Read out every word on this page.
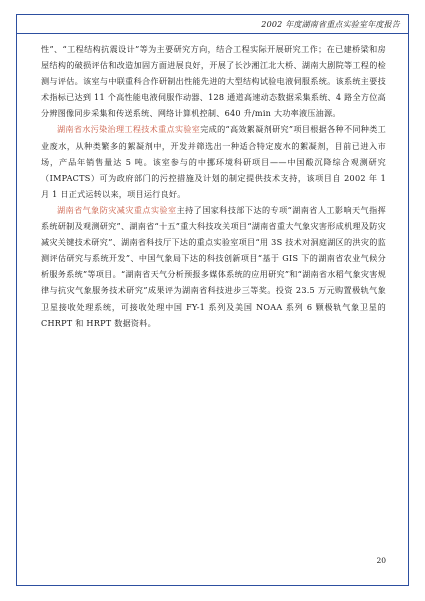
2002 年度湖南省重点实验室年度报告

性”、“工程结构抗震设计”等为主要研究方向，结合工程实际开展研究工作；在已建桥梁和房屋结构的破损评估和改造加固方面进展良好，开展了长沙湘江北大桥、湖南大剧院等工程的检测与评估。该室与中联重科合作研制出性能先进的大型结构试验电液伺服系统。该系统主要技术指标已达到 11 个高性能电液伺服作动器、128 通道高速动态数据采集系统、4 路全方位高分辨图像同步采集和传送系统、网络计算机控制、640 升/min 大功率液压油源。

湖南省水污染治理工程技术重点实验室完成的“高效絮凝剂研究”项目根据各种不同种类工业废水，从种类繁多的絮凝剂中，开发并筛选出一种适合特定废水的絮凝剂，目前已进入市场，产品年销售量达 5 吨。该室参与的中挪环境科研项目——中国酸沉降综合观测研究（IMPACTS）可为政府部门的污控措施及计划的制定提供技术支持，该项目自 2002 年 1 月 1 日正式运转以来，项目运行良好。

湖南省气象防灾减灾重点实验室主持了国家科技部下达的专项“湖南省人工影响天气指挥系统研制及观测研究”、湖南省“十五”重大科技攻关项目“湖南省重大气象灾害形成机理及防灾减灾关键技术研究”、湖南省科技厅下达的重点实验室项目“用 3S 技术对洞庭湖区的洪灾的监测评估研究与系统开发”、中国气象局下达的科技创新项目“基于 GIS 下的湖南省农业气候分析服务系统”等项目。“湖南省天气分析预报多媒体系统的应用研究”和“湖南省水稻气象灾害规律与抗灾气象服务技术研究”成果评为湖南省科技进步三等奖。投资 23.5 万元购置极轨气象卫星接收处理系统，可接收处理中国 FY-1 系列及美国 NOAA 系列 6 颗极轨气象卫星的 CHRPT 和 HRPT 数据资料。

20
